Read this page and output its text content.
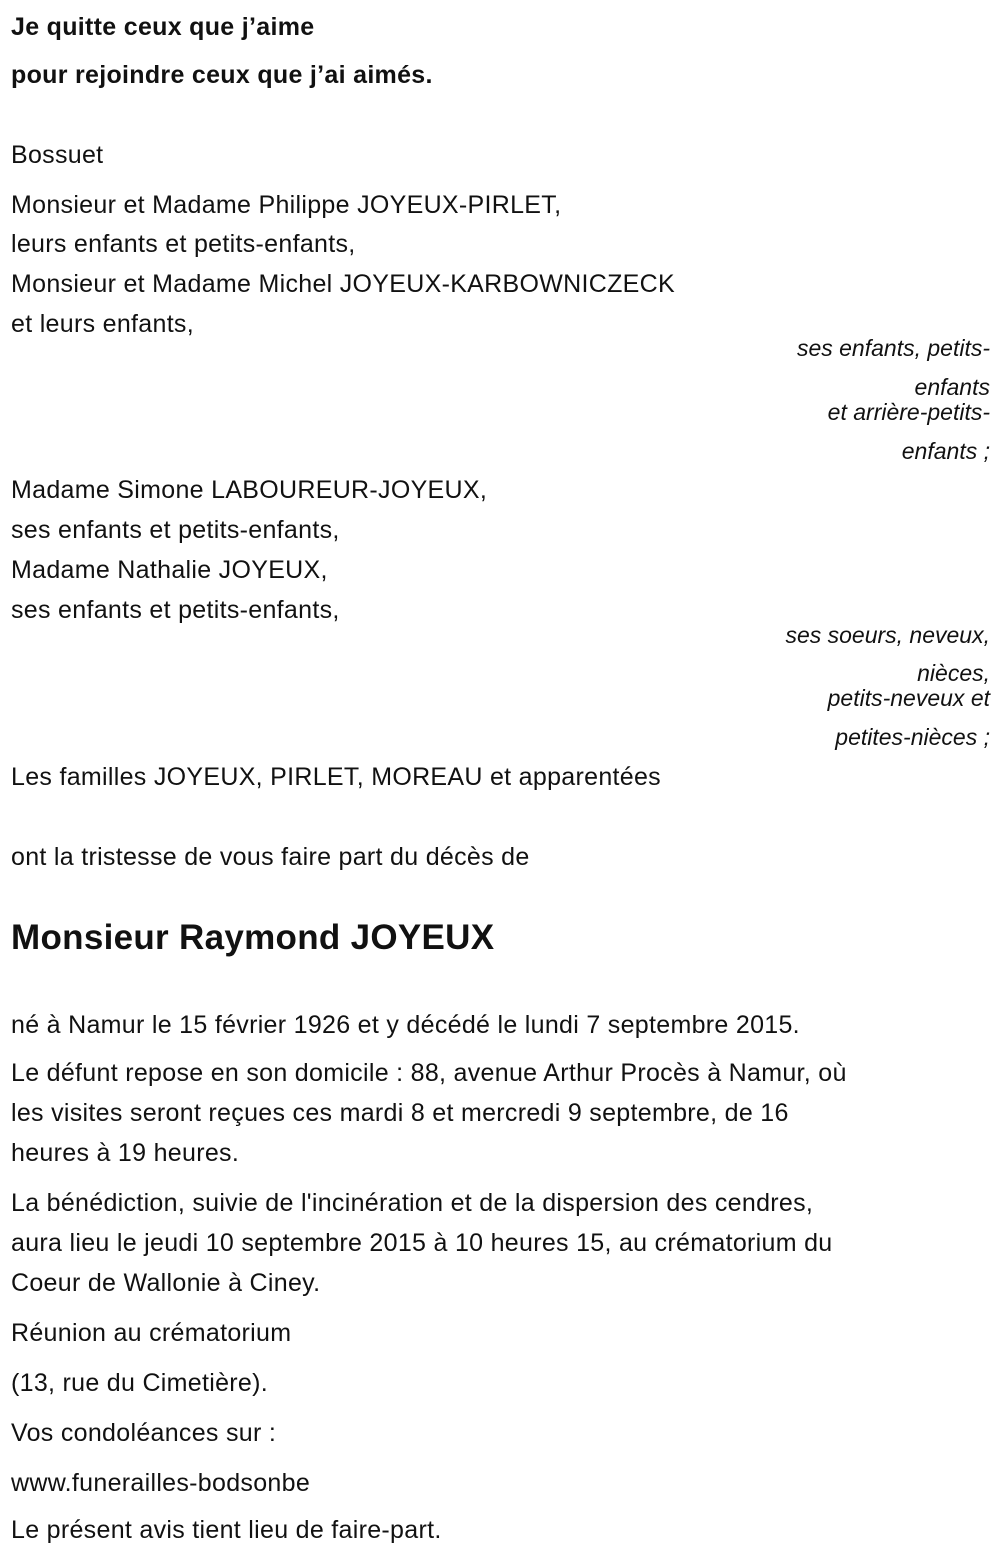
Je quitte ceux que j’aime
pour rejoindre ceux que j’ai aimés.
Bossuet
Monsieur et Madame Philippe JOYEUX-PIRLET,
leurs enfants et petits-enfants,
Monsieur et Madame Michel JOYEUX-KARBOWNICZECK
et leurs enfants,
ses enfants, petits-
enfants
et arrière-petits-
enfants ;
Madame Simone LABOUREUR-JOYEUX,
ses enfants et petits-enfants,
Madame Nathalie JOYEUX,
ses enfants et petits-enfants,
ses soeurs, neveux,
nièces,
petits-neveux et
petites-nièces ;
Les familles JOYEUX, PIRLET, MOREAU et apparentées
ont la tristesse de vous faire part du décès de
Monsieur Raymond JOYEUX
né à Namur le 15 février 1926 et y décédé le lundi 7 septembre 2015.
Le défunt repose en son domicile : 88, avenue Arthur Procès à Namur, où
les visites seront reçues ces mardi 8 et mercredi 9 septembre, de 16
heures à 19 heures.
La bénédiction, suivie de l'incinération et de la dispersion des cendres,
aura lieu le jeudi 10 septembre 2015 à 10 heures 15, au crématorium du
Coeur de Wallonie à Ciney.
Réunion au crématorium
(13, rue du Cimetière).
Vos condoléances sur :
www.funerailles-bodsonbe
Le présent avis tient lieu de faire-part.
